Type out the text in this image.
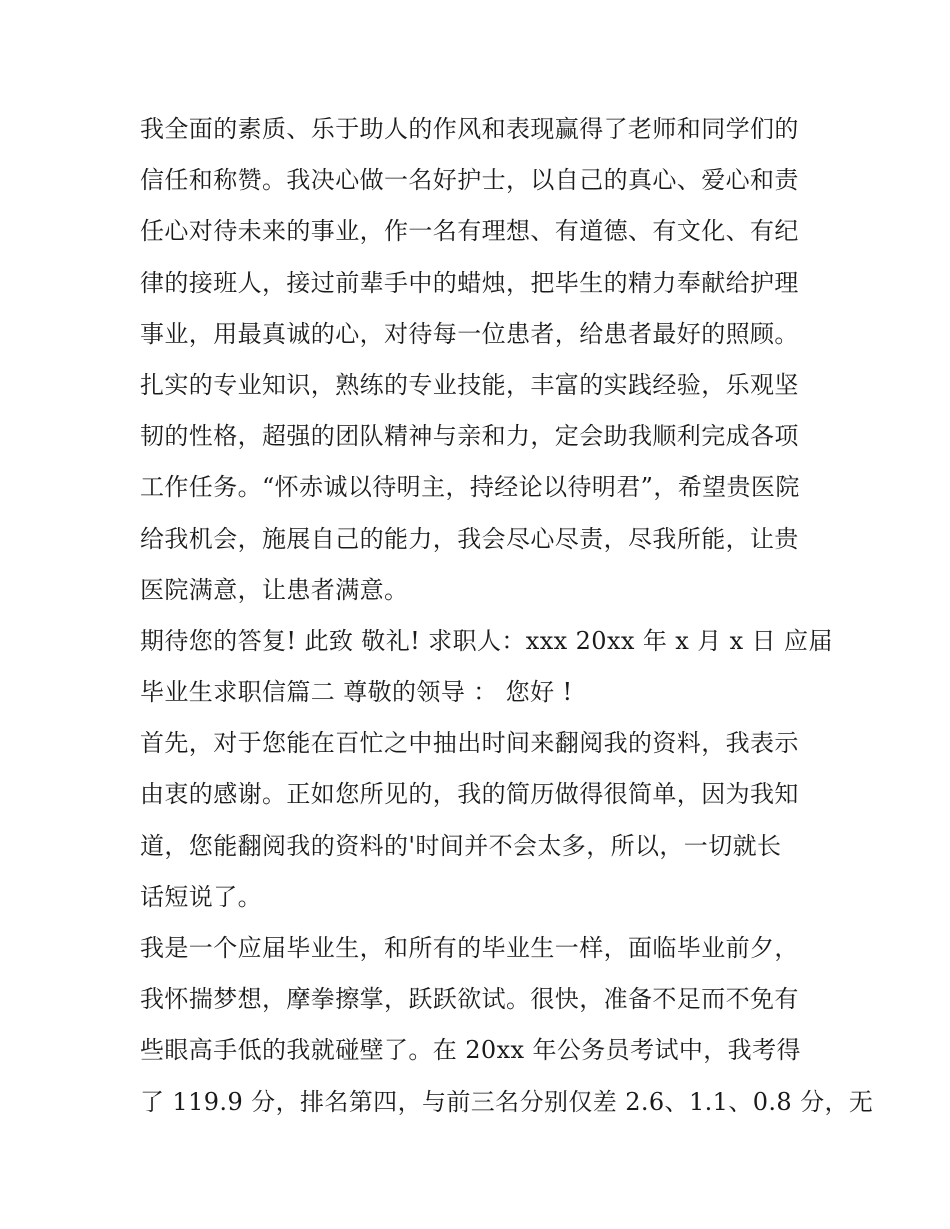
我全面的素质、乐于助人的作风和表现赢得了老师和同学们的
信任和称赞。我决心做一名好护士，以自己的真心、爱心和责
任心对待未来的事业，作一名有理想、有道德、有文化、有纪
律的接班人，接过前辈手中的蜡烛，把毕生的精力奉献给护理
事业，用最真诚的心，对待每一位患者，给患者最好的照顾。
扎实的专业知识，熟练的专业技能，丰富的实践经验，乐观坚
韧的性格，超强的团队精神与亲和力，定会助我顺利完成各项
工作任务。“怀赤诚以待明主，持经论以待明君”，希望贵医院
给我机会，施展自己的能力，我会尽心尽责，尽我所能，让贵
医院满意，让患者满意。
期待您的答复! 此致 敬礼! 求职人：xxx 20xx 年 x 月 x 日 应届
毕业生求职信篇二 尊敬的领导 ： 您好 !
首先，对于您能在百忙之中抽出时间来翻阅我的资料，我表示
由衷的感谢。正如您所见的，我的简历做得很简单，因为我知
道，您能翻阅我的资料的'时间并不会太多，所以，一切就长
话短说了。
我是一个应届毕业生，和所有的毕业生一样，面临毕业前夕，
我怀揣梦想，摩拳擦掌，跃跃欲试。很快，准备不足而不免有
些眼高手低的我就碰壁了。在 20xx 年公务员考试中，我考得
了 119.9 分，排名第四，与前三名分别仅差 2.6、1.1、0.8 分，无
